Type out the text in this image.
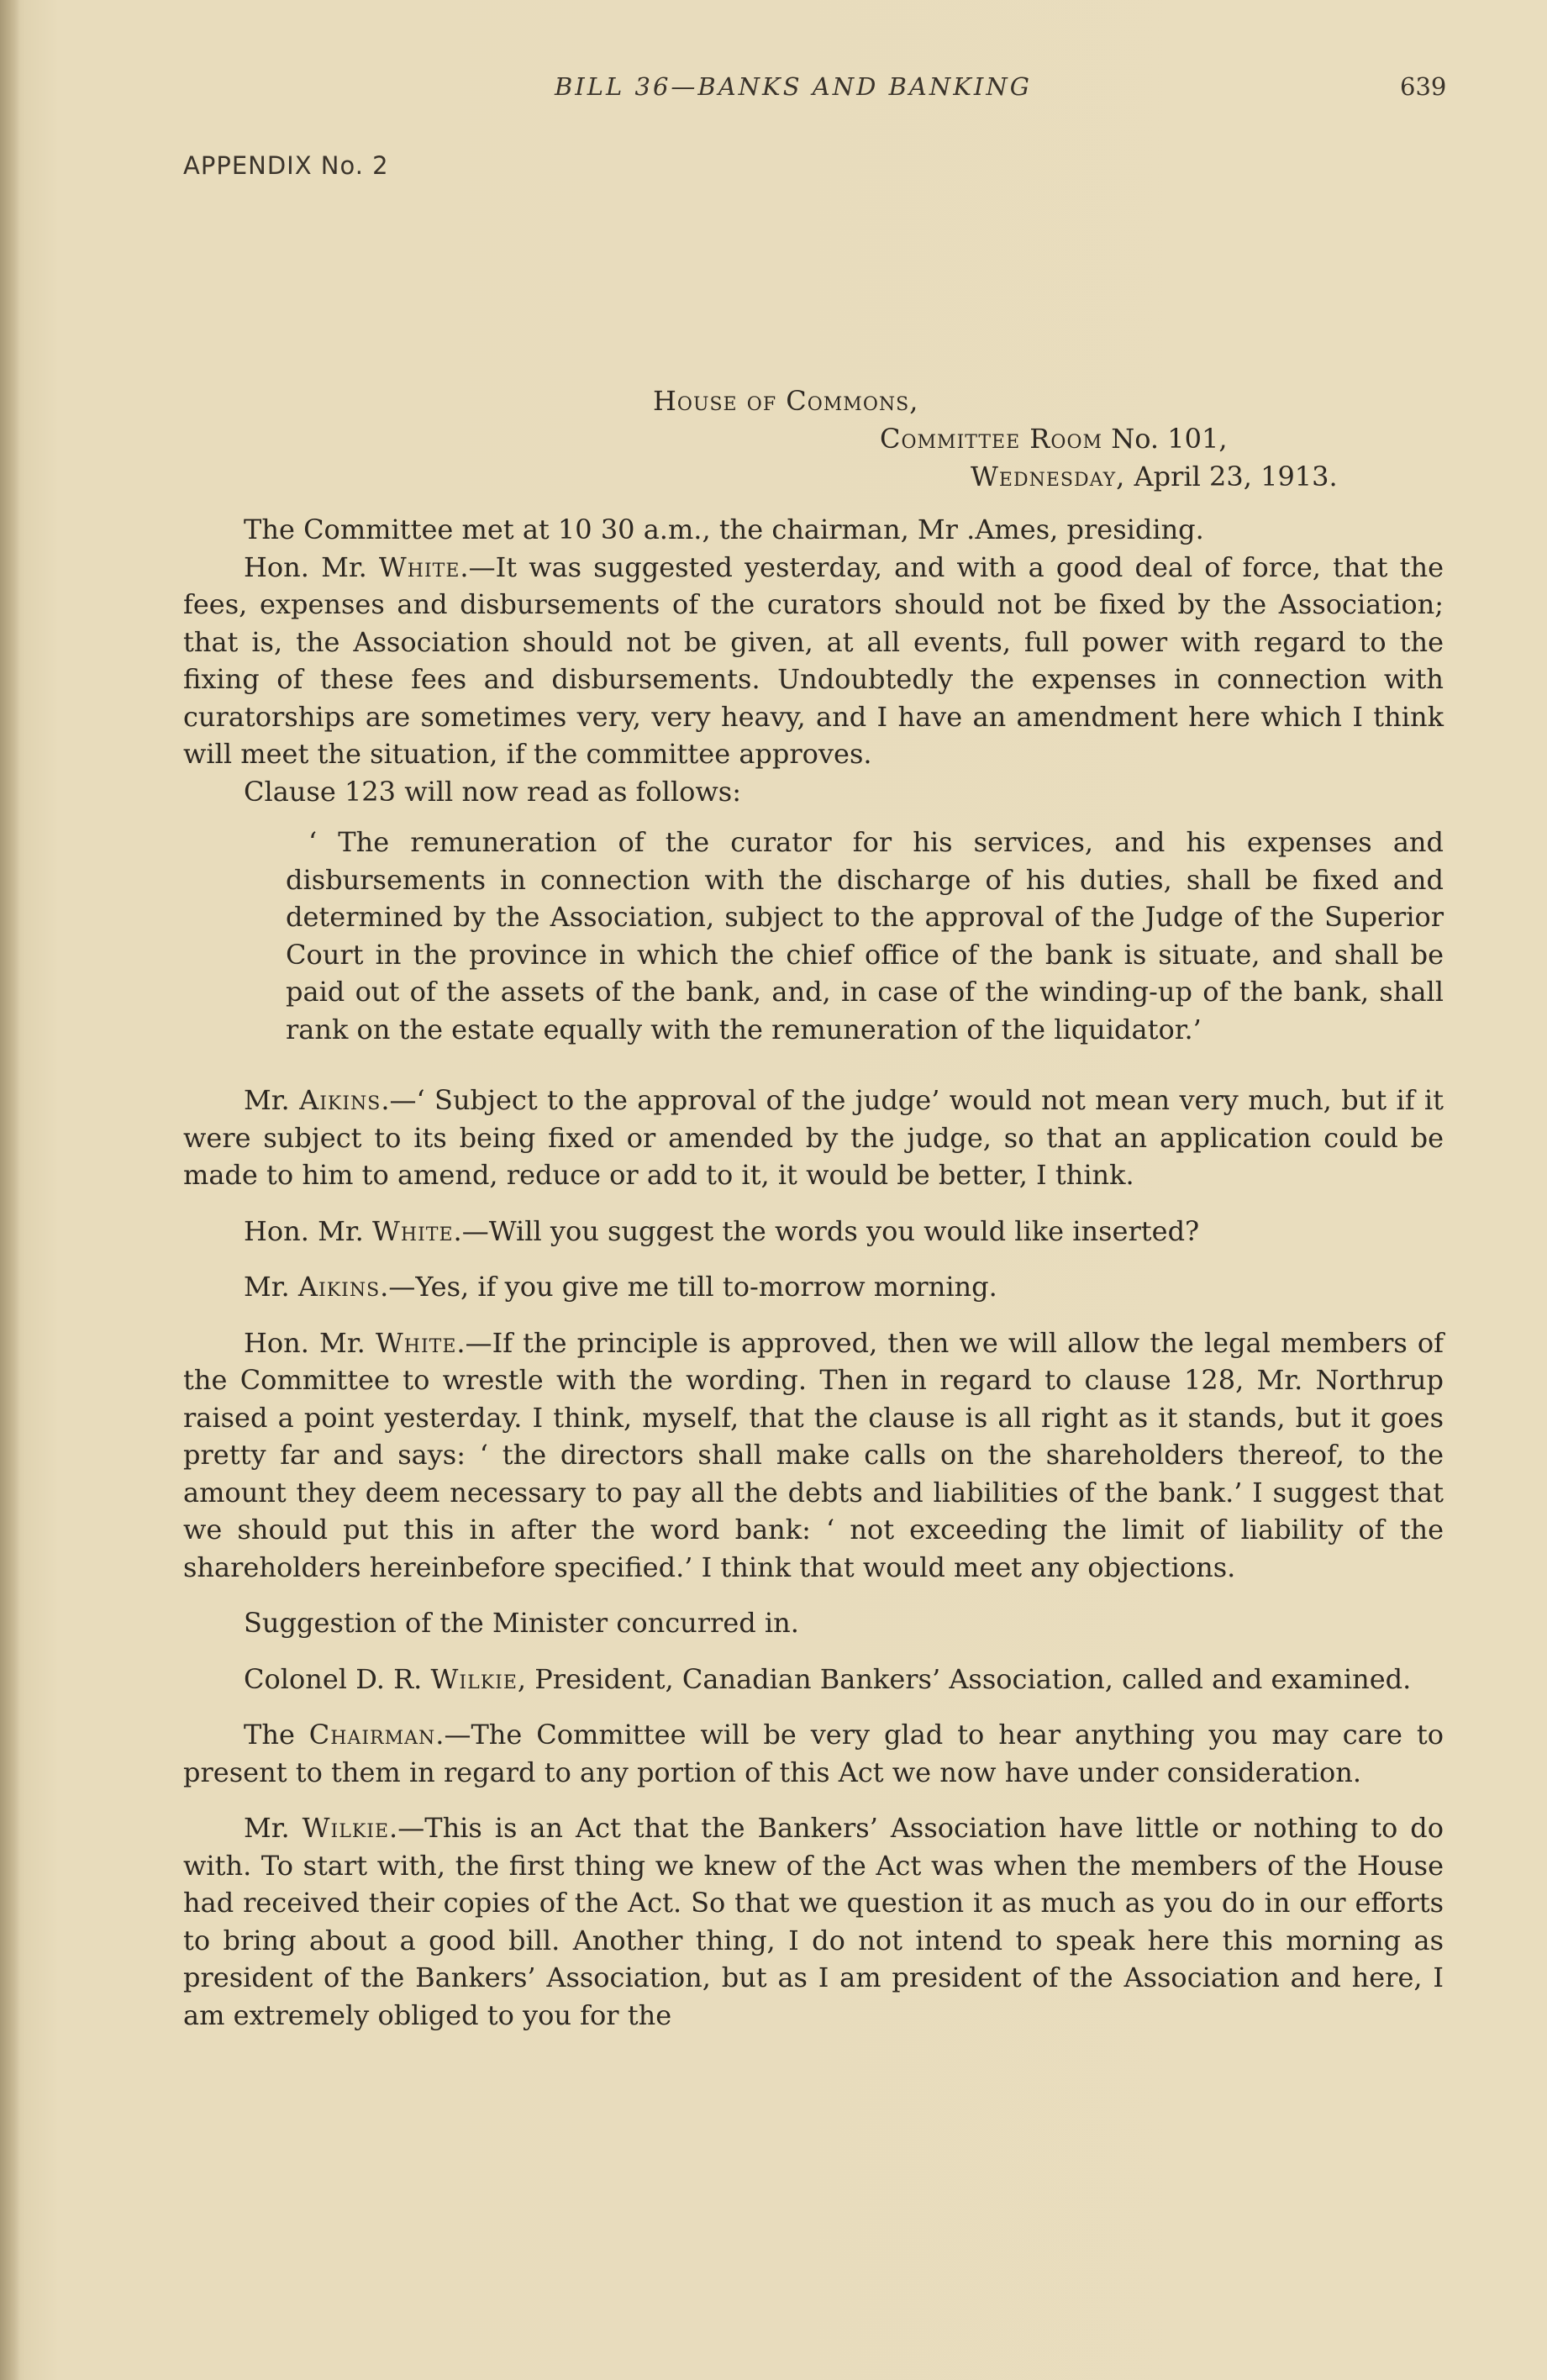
BILL 36—BANKS AND BANKING	639
APPENDIX No. 2
House of Commons,
Committee Room No. 101,
Wednesday, April 23, 1913.

The Committee met at 10 30 a.m., the chairman, Mr .Ames, presiding.

Hon. Mr. White.—It was suggested yesterday, and with a good deal of force, that the fees, expenses and disbursements of the curators should not be fixed by the Association; that is, the Association should not be given, at all events, full power with regard to the fixing of these fees and disbursements. Undoubtedly the expenses in connection with curatorships are sometimes very, very heavy, and I have an amendment here which I think will meet the situation, if the committee approves.

Clause 123 will now read as follows:

‘ The remuneration of the curator for his services, and his expenses and disbursements in connection with the discharge of his duties, shall be fixed and determined by the Association, subject to the approval of the Judge of the Superior Court in the province in which the chief office of the bank is situate, and shall be paid out of the assets of the bank, and, in case of the winding-up of the bank, shall rank on the estate equally with the remuneration of the liquidator.’

Mr. Aikins.—‘ Subject to the approval of the judge’ would not mean very much, but if it were subject to its being fixed or amended by the judge, so that an application could be made to him to amend, reduce or add to it, it would be better, I think.

Hon. Mr. White.—Will you suggest the words you would like inserted?

Mr. Aikins.—Yes, if you give me till to-morrow morning.

Hon. Mr. White.—If the principle is approved, then we will allow the legal members of the Committee to wrestle with the wording. Then in regard to clause 128, Mr. Northrup raised a point yesterday. I think, myself, that the clause is all right as it stands, but it goes pretty far and says: ‘ the directors shall make calls on the shareholders thereof, to the amount they deem necessary to pay all the debts and liabilities of the bank.’ I suggest that we should put this in after the word bank: ‘ not exceeding the limit of liability of the shareholders hereinbefore specified.’ I think that would meet any objections.

Suggestion of the Minister concurred in.

Colonel D. R. Wilkie, President, Canadian Bankers’ Association, called and examined.

The Chairman.—The Committee will be very glad to hear anything you may care to present to them in regard to any portion of this Act we now have under consideration.

Mr. Wilkie.—This is an Act that the Bankers’ Association have little or nothing to do with. To start with, the first thing we knew of the Act was when the members of the House had received their copies of the Act. So that we question it as much as you do in our efforts to bring about a good bill. Another thing, I do not intend to speak here this morning as president of the Bankers’ Association, but as I am president of the Association and here, I am extremely obliged to you for the
